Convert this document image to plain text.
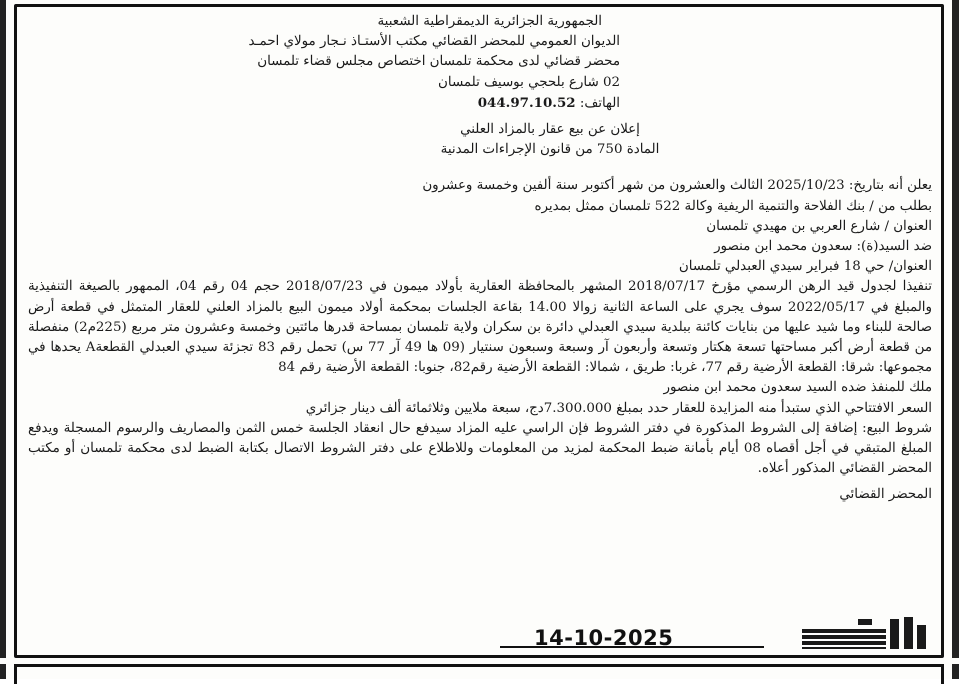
الجمهورية الجزائرية الديمقراطية الشعبية
الديوان العمومي للمحضر القضائي مكتب الأستـاذ نـجار مولاي احمـد
محضر قضائي لدى محكمة تلمسان اختصاص مجلس قضاء تلمسان
02 شارع بلحجي بوسيف تلمسان
الهاتف: 044.97.10.52
إعلان عن بيع عقار بالمزاد العلني
المادة 750 من قانون الإجراءات المدنية
يعلن أنه بتاريخ: 2025/10/23 الثالث والعشرون من شهر أكتوبر سنة ألفين وخمسة وعشرون
بطلب من / بنك الفلاحة والتنمية الريفية وكالة 522 تلمسان ممثل بمديره
العنوان / شارع العربي بن مهيدي تلمسان
ضد السيد(ة): سعدون محمد ابن منصور
العنوان/ حي 18 فبراير سيدي العبدلي تلمسان
تنفيذا لجدول قيد الرهن الرسمي مؤرخ 2018/07/17 المشهر بالمحافظة العقارية بأولاد ميمون في 2018/07/23 حجم 04 رقم 04، الممهور بالصيغة التنفيذية والمبلغ في 2022/05/17 سوف يجري على الساعة الثانية زوالا 14.00 بقاعة الجلسات بمحكمة أولاد ميمون البيع بالمزاد العلني للعقار المتمثل في قطعة أرض صالحة للبناء وما شيد عليها من بنايات كائنة ببلدية سيدي العبدلي دائرة بن سكران ولاية تلمسان بمساحة قدرها مائتين وخمسة وعشرون متر مربع (225م2) منفصلة من قطعة أرض أكبر مساحتها تسعة هكتار وتسعة وأربعون آر وسبعة وسبعون سنتيار (09 ها 49 آر 77 س) تحمل رقم 83 تجزئة سيدي العبدلي القطعةA يحدها في مجموعها: شرقا: القطعة الأرضية رقم 77، غربا: طريق ، شمالا: القطعة الأرضية رقم82، جنوبا: القطعة الأرضية رقم 84
ملك للمنفذ ضده السيد سعدون محمد ابن منصور
السعر الافتتاحي الذي ستبدأ منه المزايدة للعقار حدد بمبلغ 7.300.000دج، سبعة ملايين وثلاثمائة ألف دينار جزائري
شروط البيع: إضافة إلى الشروط المذكورة في دفتر الشروط فإن الراسي عليه المزاد سيدفع حال انعقاد الجلسة خمس الثمن والمصاريف والرسوم المسجلة ويدفع المبلغ المتبقي في أجل أقصاه 08 أيام بأمانة ضبط المحكمة لمزيد من المعلومات وللاطلاع على دفتر الشروط الاتصال بكتابة الضبط لدى محكمة تلمسان أو مكتب المحضر القضائي المذكور أعلاه.
المحضر القضائي
14-10-2025
